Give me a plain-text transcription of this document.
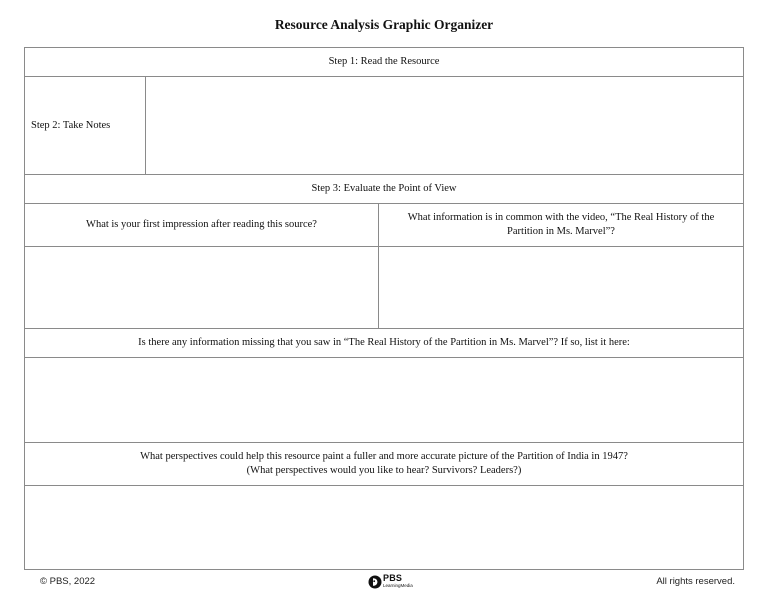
Resource Analysis Graphic Organizer
Step 1: Read the Resource
Step 2: Take Notes
Step 3: Evaluate the Point of View
What is your first impression after reading this source?
What information is in common with the video, “The Real History of the Partition in Ms. Marvel”?
Is there any information missing that you saw in “The Real History of the Partition in Ms. Marvel”? If so, list it here:
What perspectives could help this resource paint a fuller and more accurate picture of the Partition of India in 1947?
(What perspectives would you like to hear? Survivors? Leaders?)
© PBS, 2022	PBS
LearningMedia	All rights reserved.
